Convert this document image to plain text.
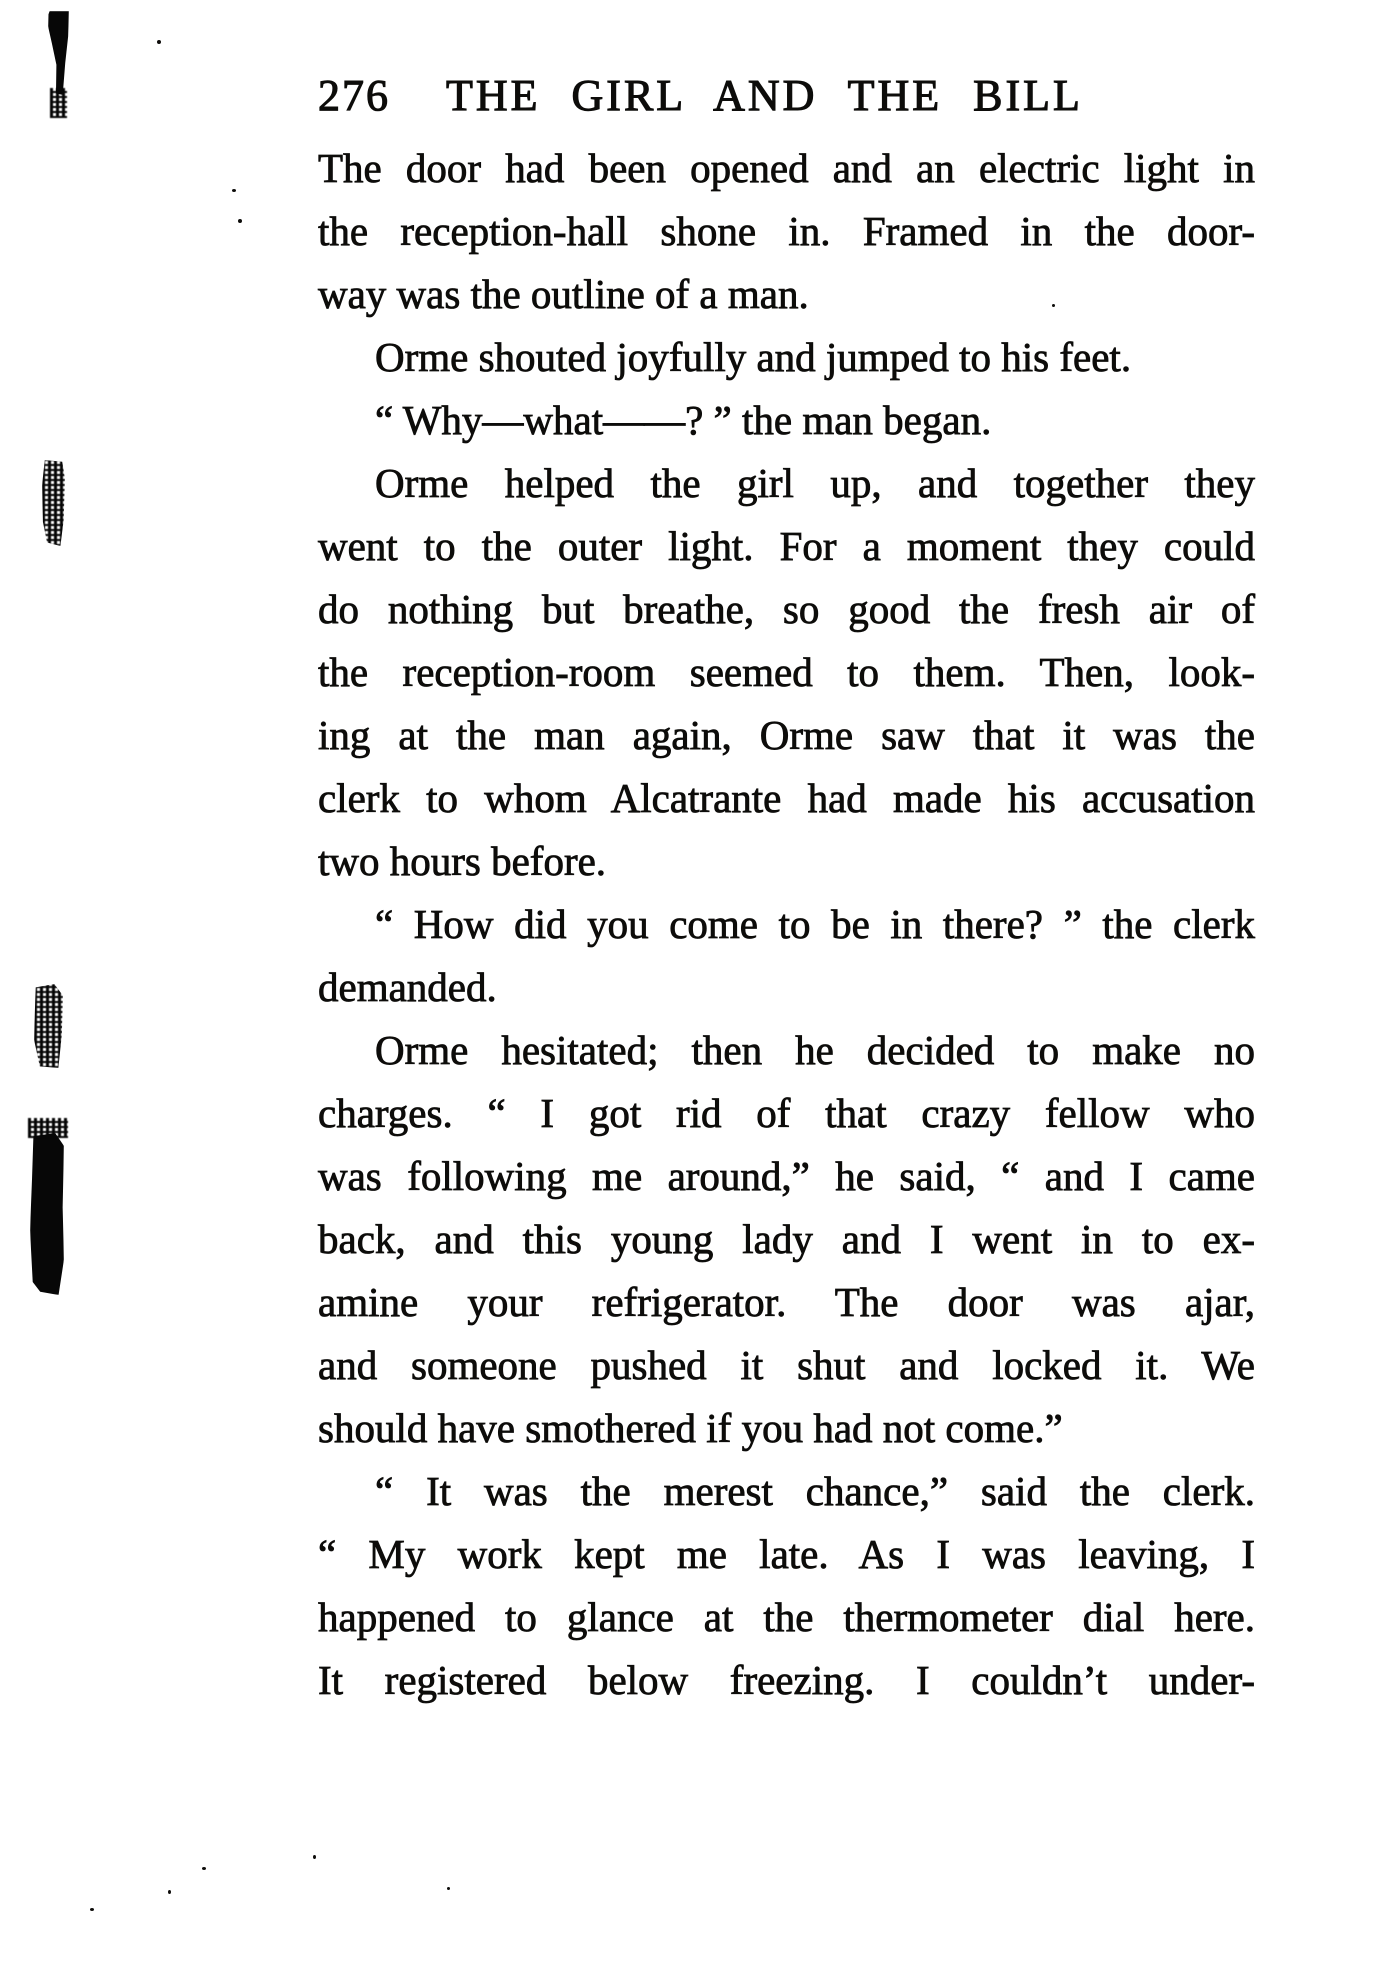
276 THE GIRL AND THE BILL
The door had been opened and an electric light in
the reception-hall shone in. Framed in the door-
way was the outline of a man.
Orme shouted joyfully and jumped to his feet.
“ Why—what——? ” the man began.
Orme helped the girl up, and together they
went to the outer light. For a moment they could
do nothing but breathe, so good the fresh air of
the reception-room seemed to them. Then, look-
ing at the man again, Orme saw that it was the
clerk to whom Alcatrante had made his accusation
two hours before.
“ How did you come to be in there? ” the clerk
demanded.
Orme hesitated; then he decided to make no
charges. “ I got rid of that crazy fellow who
was following me around,” he said, “ and I came
back, and this young lady and I went in to ex-
amine your refrigerator. The door was ajar,
and someone pushed it shut and locked it. We
should have smothered if you had not come.”
“ It was the merest chance,” said the clerk.
“ My work kept me late. As I was leaving, I
happened to glance at the thermometer dial here.
It registered below freezing. I couldn’t under-
